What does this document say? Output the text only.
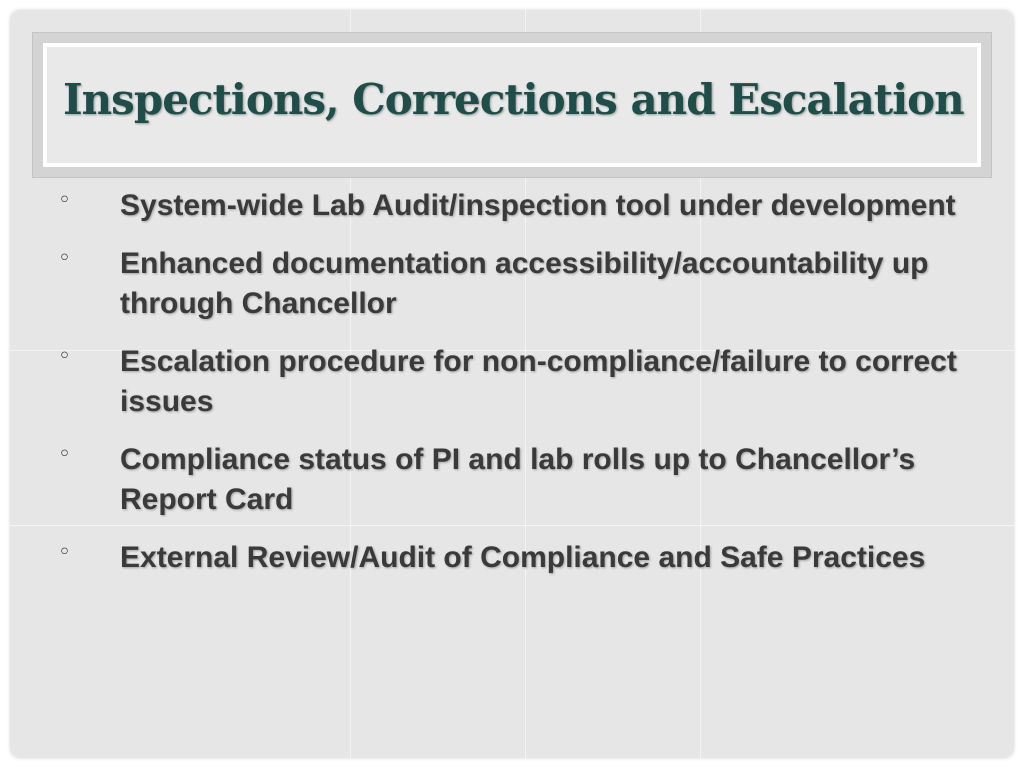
Inspections, Corrections and Escalation
◦ System-wide Lab Audit/inspection tool under development
◦ Enhanced documentation accessibility/accountability up through Chancellor
◦ Escalation procedure for non-compliance/failure to correct issues
◦ Compliance status of PI and lab rolls up to Chancellor’s Report Card
◦ External Review/Audit of Compliance and Safe Practices
